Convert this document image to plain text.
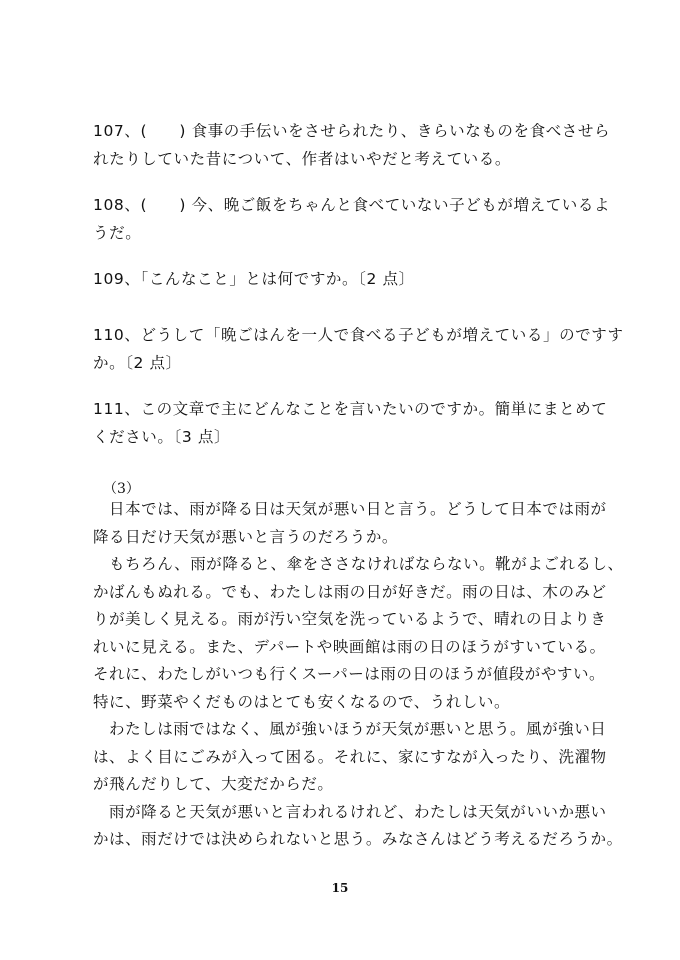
107、(　　) 食事の手伝いをさせられたり、きらいなものを食べさせら
れたりしていた昔について、作者はいやだと考えている。
108、(　　) 今、晩ご飯をちゃんと食べていない子どもが増えているよ
うだ。
109、「こんなこと」とは何ですか。〔2 点〕
110、どうして「晩ごはんを一人で食べる子どもが増えている」のですす
か。〔2 点〕
111、この文章で主にどんなことを言いたいのですか。簡単にまとめて
ください。〔3 点〕
（3）
　日本では、雨が降る日は天気が悪い日と言う。どうして日本では雨が
降る日だけ天気が悪いと言うのだろうか。
　もちろん、雨が降ると、傘をささなければならない。靴がよごれるし、
かばんもぬれる。でも、わたしは雨の日が好きだ。雨の日は、木のみど
りが美しく見える。雨が汚い空気を洗っているようで、晴れの日よりき
れいに見える。また、デパートや映画館は雨の日のほうがすいている。
それに、わたしがいつも行くスーパーは雨の日のほうが値段がやすい。
特に、野菜やくだものはとても安くなるので、うれしい。
　わたしは雨ではなく、風が強いほうが天気が悪いと思う。風が強い日
は、よく目にごみが入って困る。それに、家にすなが入ったり、洗濯物
が飛んだりして、大変だからだ。
　雨が降ると天気が悪いと言われるけれど、わたしは天気がいいか悪い
かは、雨だけでは決められないと思う。みなさんはどう考えるだろうか。
15
